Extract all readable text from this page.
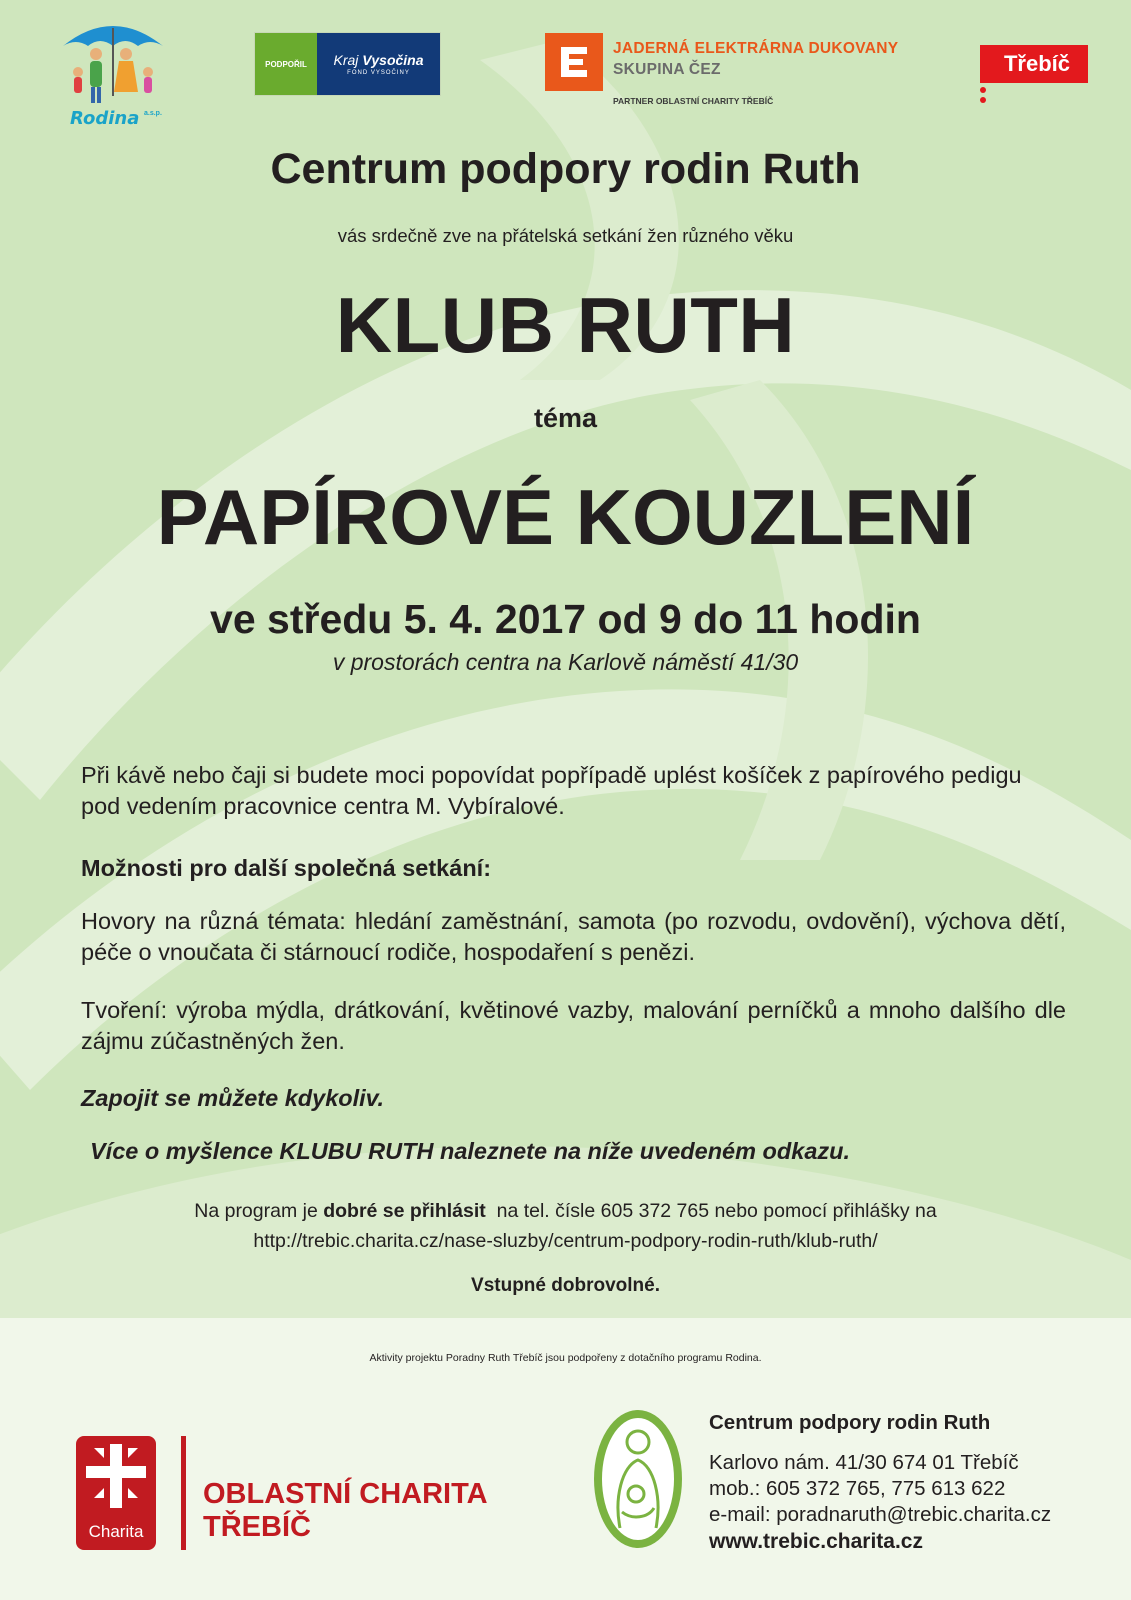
Rodina a.s.p.
PODPOŘIL	Kraj Vysočina
FOND VYSOČINY
JADERNÁ ELEKTRÁRNA DUKOVANY
SKUPINA ČEZ
PARTNER OBLASTNÍ CHARITY TŘEBÍČ
Třebíč
Centrum podpory rodin Ruth
vás srdečně zve na přátelská setkání žen různého věku
KLUB RUTH
téma
PAPÍROVÉ KOUZLENÍ
ve středu 5. 4. 2017 od 9 do 11 hodin
v prostorách centra na Karlově náměstí 41/30
Při kávě nebo čaji si budete moci popovídat popřípadě uplést košíček z papírového pedigu pod vedením pracovnice centra M. Vybíralové.
Možnosti pro další společná setkání:
Hovory na různá témata: hledání zaměstnání, samota (po rozvodu, ovdovění), výchova dětí, péče o vnoučata či stárnoucí rodiče, hospodaření s penězi.
Tvoření: výroba mýdla, drátkování, květinové vazby, malování perníčků a mnoho dalšího dle zájmu zúčastněných žen.
Zapojit se můžete kdykoliv.
Více o myšlence KLUBU RUTH naleznete na níže uvedeném odkazu.
Na program je dobré se přihlásit  na tel. čísle 605 372 765 nebo pomocí přihlášky na
http://trebic.charita.cz/nase-sluzby/centrum-podpory-rodin-ruth/klub-ruth/
Vstupné dobrovolné.
Aktivity projektu Poradny Ruth Třebíč jsou podpořeny z dotačního programu Rodina.
Charita
OBLASTNÍ CHARITA
TŘEBÍČ
Centrum podpory rodin Ruth
Karlovo nám. 41/30 674 01 Třebíč
mob.: 605 372 765, 775 613 622
e-mail: poradnaruth@trebic.charita.cz
www.trebic.charita.cz
